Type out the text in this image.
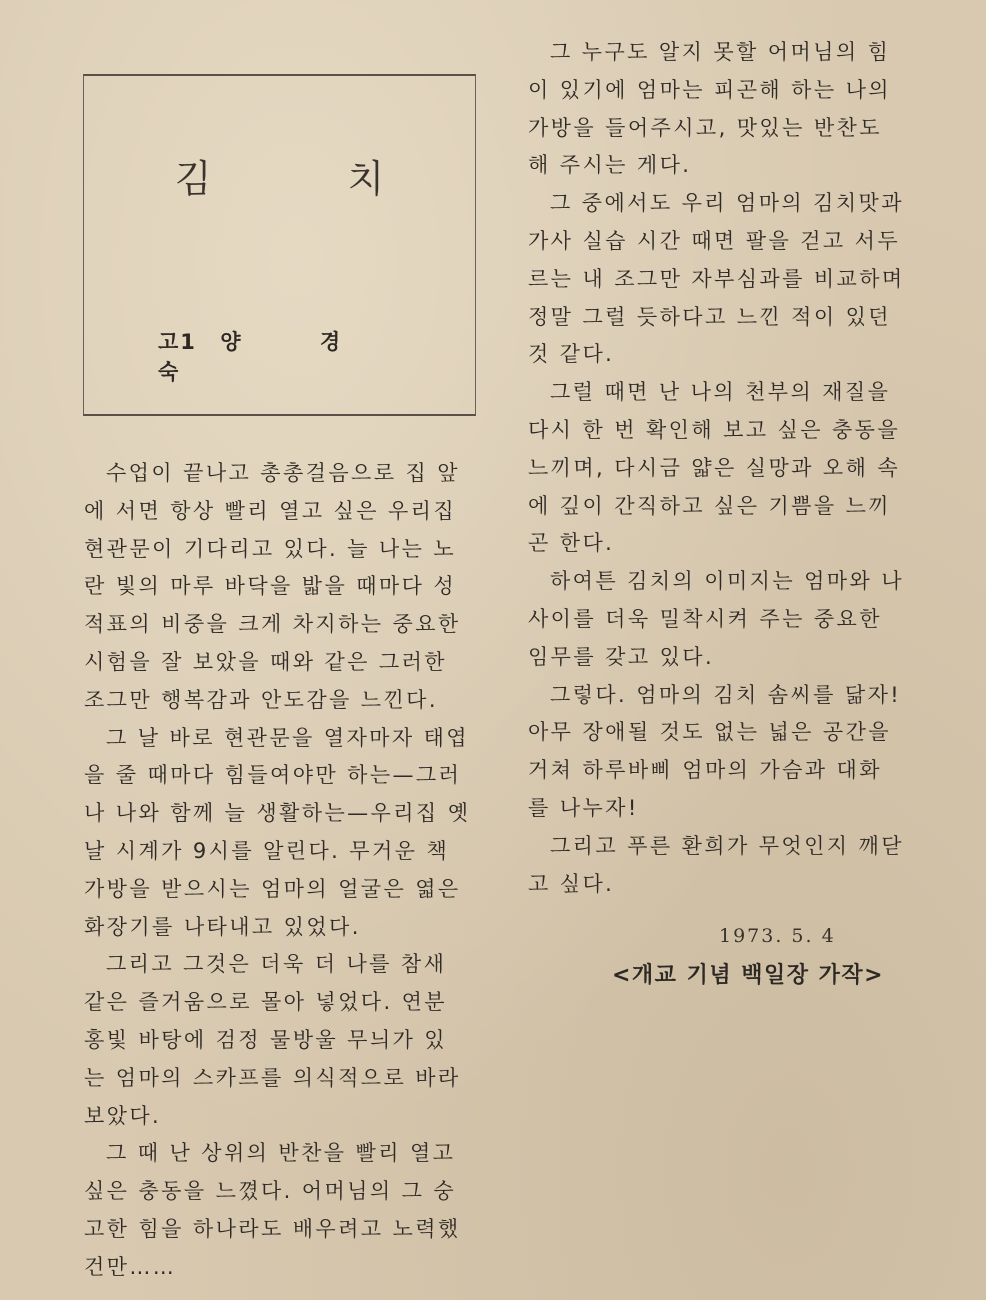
김 치
고1 양 경 숙
수업이 끝나고 총총걸음으로 집 앞
에 서면 항상 빨리 열고 싶은 우리집
현관문이 기다리고 있다. 늘 나는 노
란 빛의 마루 바닥을 밟을 때마다 성
적표의 비중을 크게 차지하는 중요한
시험을 잘 보았을 때와 같은 그러한
조그만 행복감과 안도감을 느낀다.
그 날 바로 현관문을 열자마자 태엽
을 줄 때마다 힘들여야만 하는—그러
나 나와 함께 늘 생활하는—우리집 옛
날 시계가 9시를 알린다. 무거운 책
가방을 받으시는 엄마의 얼굴은 엷은
화장기를 나타내고 있었다.
그리고 그것은 더욱 더 나를 참새
같은 즐거움으로 몰아 넣었다. 연분
홍빛 바탕에 검정 물방울 무늬가 있
는 엄마의 스카프를 의식적으로 바라
보았다.
그 때 난 상위의 반찬을 빨리 열고
싶은 충동을 느꼈다. 어머님의 그 숭
고한 힘을 하나라도 배우려고 노력했
건만……
그 누구도 알지 못할 어머님의 힘
이 있기에 엄마는 피곤해 하는 나의
가방을 들어주시고, 맛있는 반찬도
해 주시는 게다.
그 중에서도 우리 엄마의 김치맛과
가사 실습 시간 때면 팔을 걷고 서두
르는 내 조그만 자부심과를 비교하며
정말 그럴 듯하다고 느낀 적이 있던
것 같다.
그럴 때면 난 나의 천부의 재질을
다시 한 번 확인해 보고 싶은 충동을
느끼며, 다시금 얇은 실망과 오해 속
에 깊이 간직하고 싶은 기쁨을 느끼
곤 한다.
하여튼 김치의 이미지는 엄마와 나
사이를 더욱 밀착시켜 주는 중요한
임무를 갖고 있다.
그렇다. 엄마의 김치 솜씨를 닮자!
아무 장애될 것도 없는 넓은 공간을
거쳐 하루바삐 엄마의 가슴과 대화
를 나누자!
그리고 푸른 환희가 무엇인지 깨닫
고 싶다.
1973. 5. 4
<개교 기념 백일장 가작>
